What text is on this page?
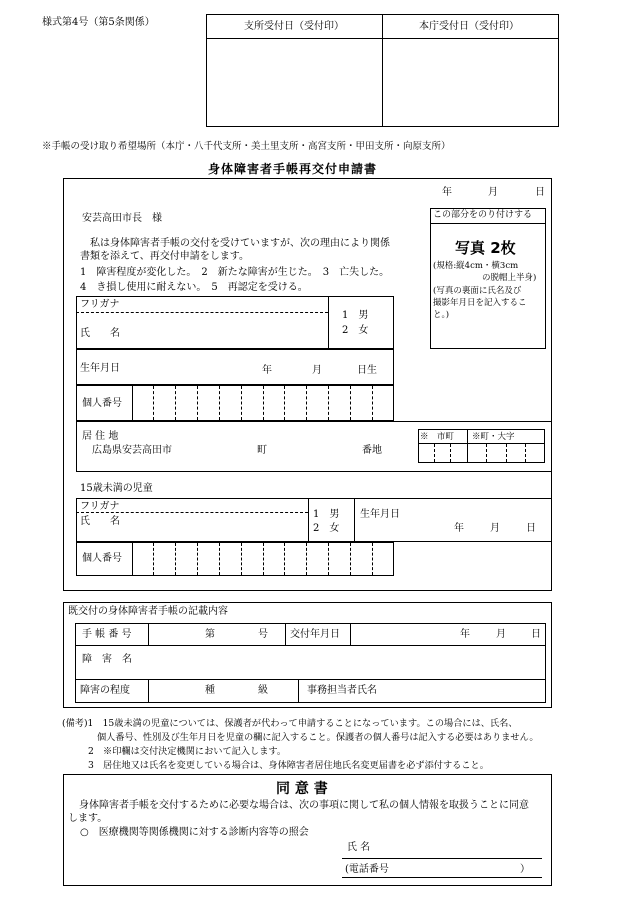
様式第4号（第5条関係）	支所受付日（受付印）	本庁受付日（受付印）
※手帳の受け取り希望場所（本庁・八千代支所・美土里支所・高宮支所・甲田支所・向原支所）
身体障害者手帳再交付申請書
年	月	日
安芸高田市長　様
私は身体障害者手帳の交付を受けていますが、次の理由により関係
書類を添えて、再交付申請をします。
1　障害程度が変化した。　2　新たな障害が生じた。　3　亡失した。
4　き損し使用に耐えない。　5　再認定を受ける。
この部分をのり付けする
写真 2枚
(規格:縦4cm・横3cm
の脱帽上半身)
(写真の裏面に氏名及び
撮影年月日を記入するこ
と。)
フリガナ
氏　　名
1　男
2　女
生年月日	年	月	日生
個人番号
居 住 地
広島県安芸高田市	町	番地
※　市町 ※町・大字
15歳未満の児童
フリガナ
氏　　名
1　男
2　女
生年月日
年	月	日
個人番号
既交付の身体障害者手帳の記載内容
手 帳 番 号	第	号 交付年月日	年	月	日
障　害　名
障害の程度	種	級	事務担当者氏名
(備考)1　15歳未満の児童については、保護者が代わって申請することになっています。この場合には、氏名、
個人番号、性別及び生年月日を児童の欄に記入すること。保護者の個人番号は記入する必要はありません。
2　※印欄は交付決定機関において記入します。
3　居住地又は氏名を変更している場合は、身体障害者居住地氏名変更届書を必ず添付すること。
同 意 書
身体障害者手帳を交付するために必要な場合は、次の事項に関して私の個人情報を取扱うことに同意
します。
○　医療機関等関係機関に対する診断内容等の照会
氏 名
(電話番号	）
